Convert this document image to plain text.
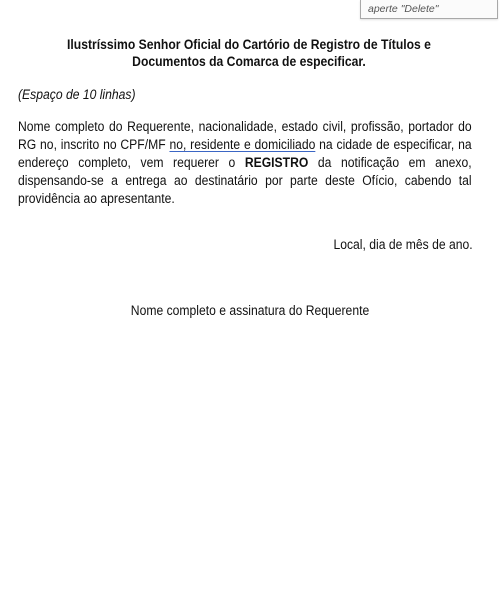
aperte "Delete"
Ilustríssimo Senhor Oficial do Cartório de Registro de Títulos e Documentos da Comarca de especificar.
(Espaço de 10 linhas)
Nome completo do Requerente, nacionalidade, estado civil, profissão, portador do RG no, inscrito no CPF/MF no, residente e domiciliado na cidade de especificar, na endereço completo, vem requerer o REGISTRO da notificação em anexo, dispensando-se a entrega ao destinatário por parte deste Ofício, cabendo tal providência ao apresentante.
Local, dia de mês de ano.
Nome completo e assinatura do Requerente
